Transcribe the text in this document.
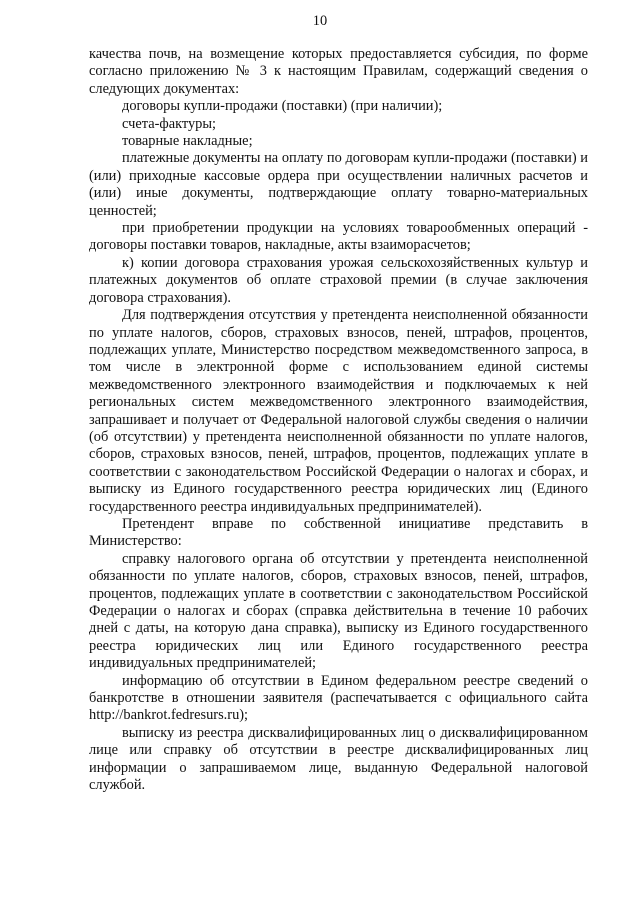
10

качества почв, на возмещение которых предоставляется субсидия, по форме согласно приложению № 3 к настоящим Правилам, содержащий сведения о следующих документах:

договоры купли-продажи (поставки) (при наличии);

счета-фактуры;

товарные накладные;

платежные документы на оплату по договорам купли-продажи (поставки) и (или) приходные кассовые ордера при осуществлении наличных расчетов и (или) иные документы, подтверждающие оплату товарно-материальных ценностей;

при приобретении продукции на условиях товарообменных операций - договоры поставки товаров, накладные, акты взаиморасчетов;

к) копии договора страхования урожая сельскохозяйственных культур и платежных документов об оплате страховой премии (в случае заключения договора страхования).

Для подтверждения отсутствия у претендента неисполненной обязанности по уплате налогов, сборов, страховых взносов, пеней, штрафов, процентов, подлежащих уплате, Министерство посредством межведомственного запроса, в том числе в электронной форме с использованием единой системы межведомственного электронного взаимодействия и подключаемых к ней региональных систем межведомственного электронного взаимодействия, запрашивает и получает от Федеральной налоговой службы сведения о наличии (об отсутствии) у претендента неисполненной обязанности по уплате налогов, сборов, страховых взносов, пеней, штрафов, процентов, подлежащих уплате в соответствии с законодательством Российской Федерации о налогах и сборах, и выписку из Единого государственного реестра юридических лиц (Единого государственного реестра индивидуальных предпринимателей).

Претендент вправе по собственной инициативе представить в Министерство:

справку налогового органа об отсутствии у претендента неисполненной обязанности по уплате налогов, сборов, страховых взносов, пеней, штрафов, процентов, подлежащих уплате в соответствии с законодательством Российской Федерации о налогах и сборах (справка действительна в течение 10 рабочих дней с даты, на которую дана справка), выписку из Единого государственного реестра юридических лиц или Единого государственного реестра индивидуальных предпринимателей;

информацию об отсутствии в Едином федеральном реестре сведений о банкротстве в отношении заявителя (распечатывается с официального сайта http://bankrot.fedresurs.ru);

выписку из реестра дисквалифицированных лиц о дисквалифицированном лице или справку об отсутствии в реестре дисквалифицированных лиц информации о запрашиваемом лице, выданную Федеральной налоговой службой.
